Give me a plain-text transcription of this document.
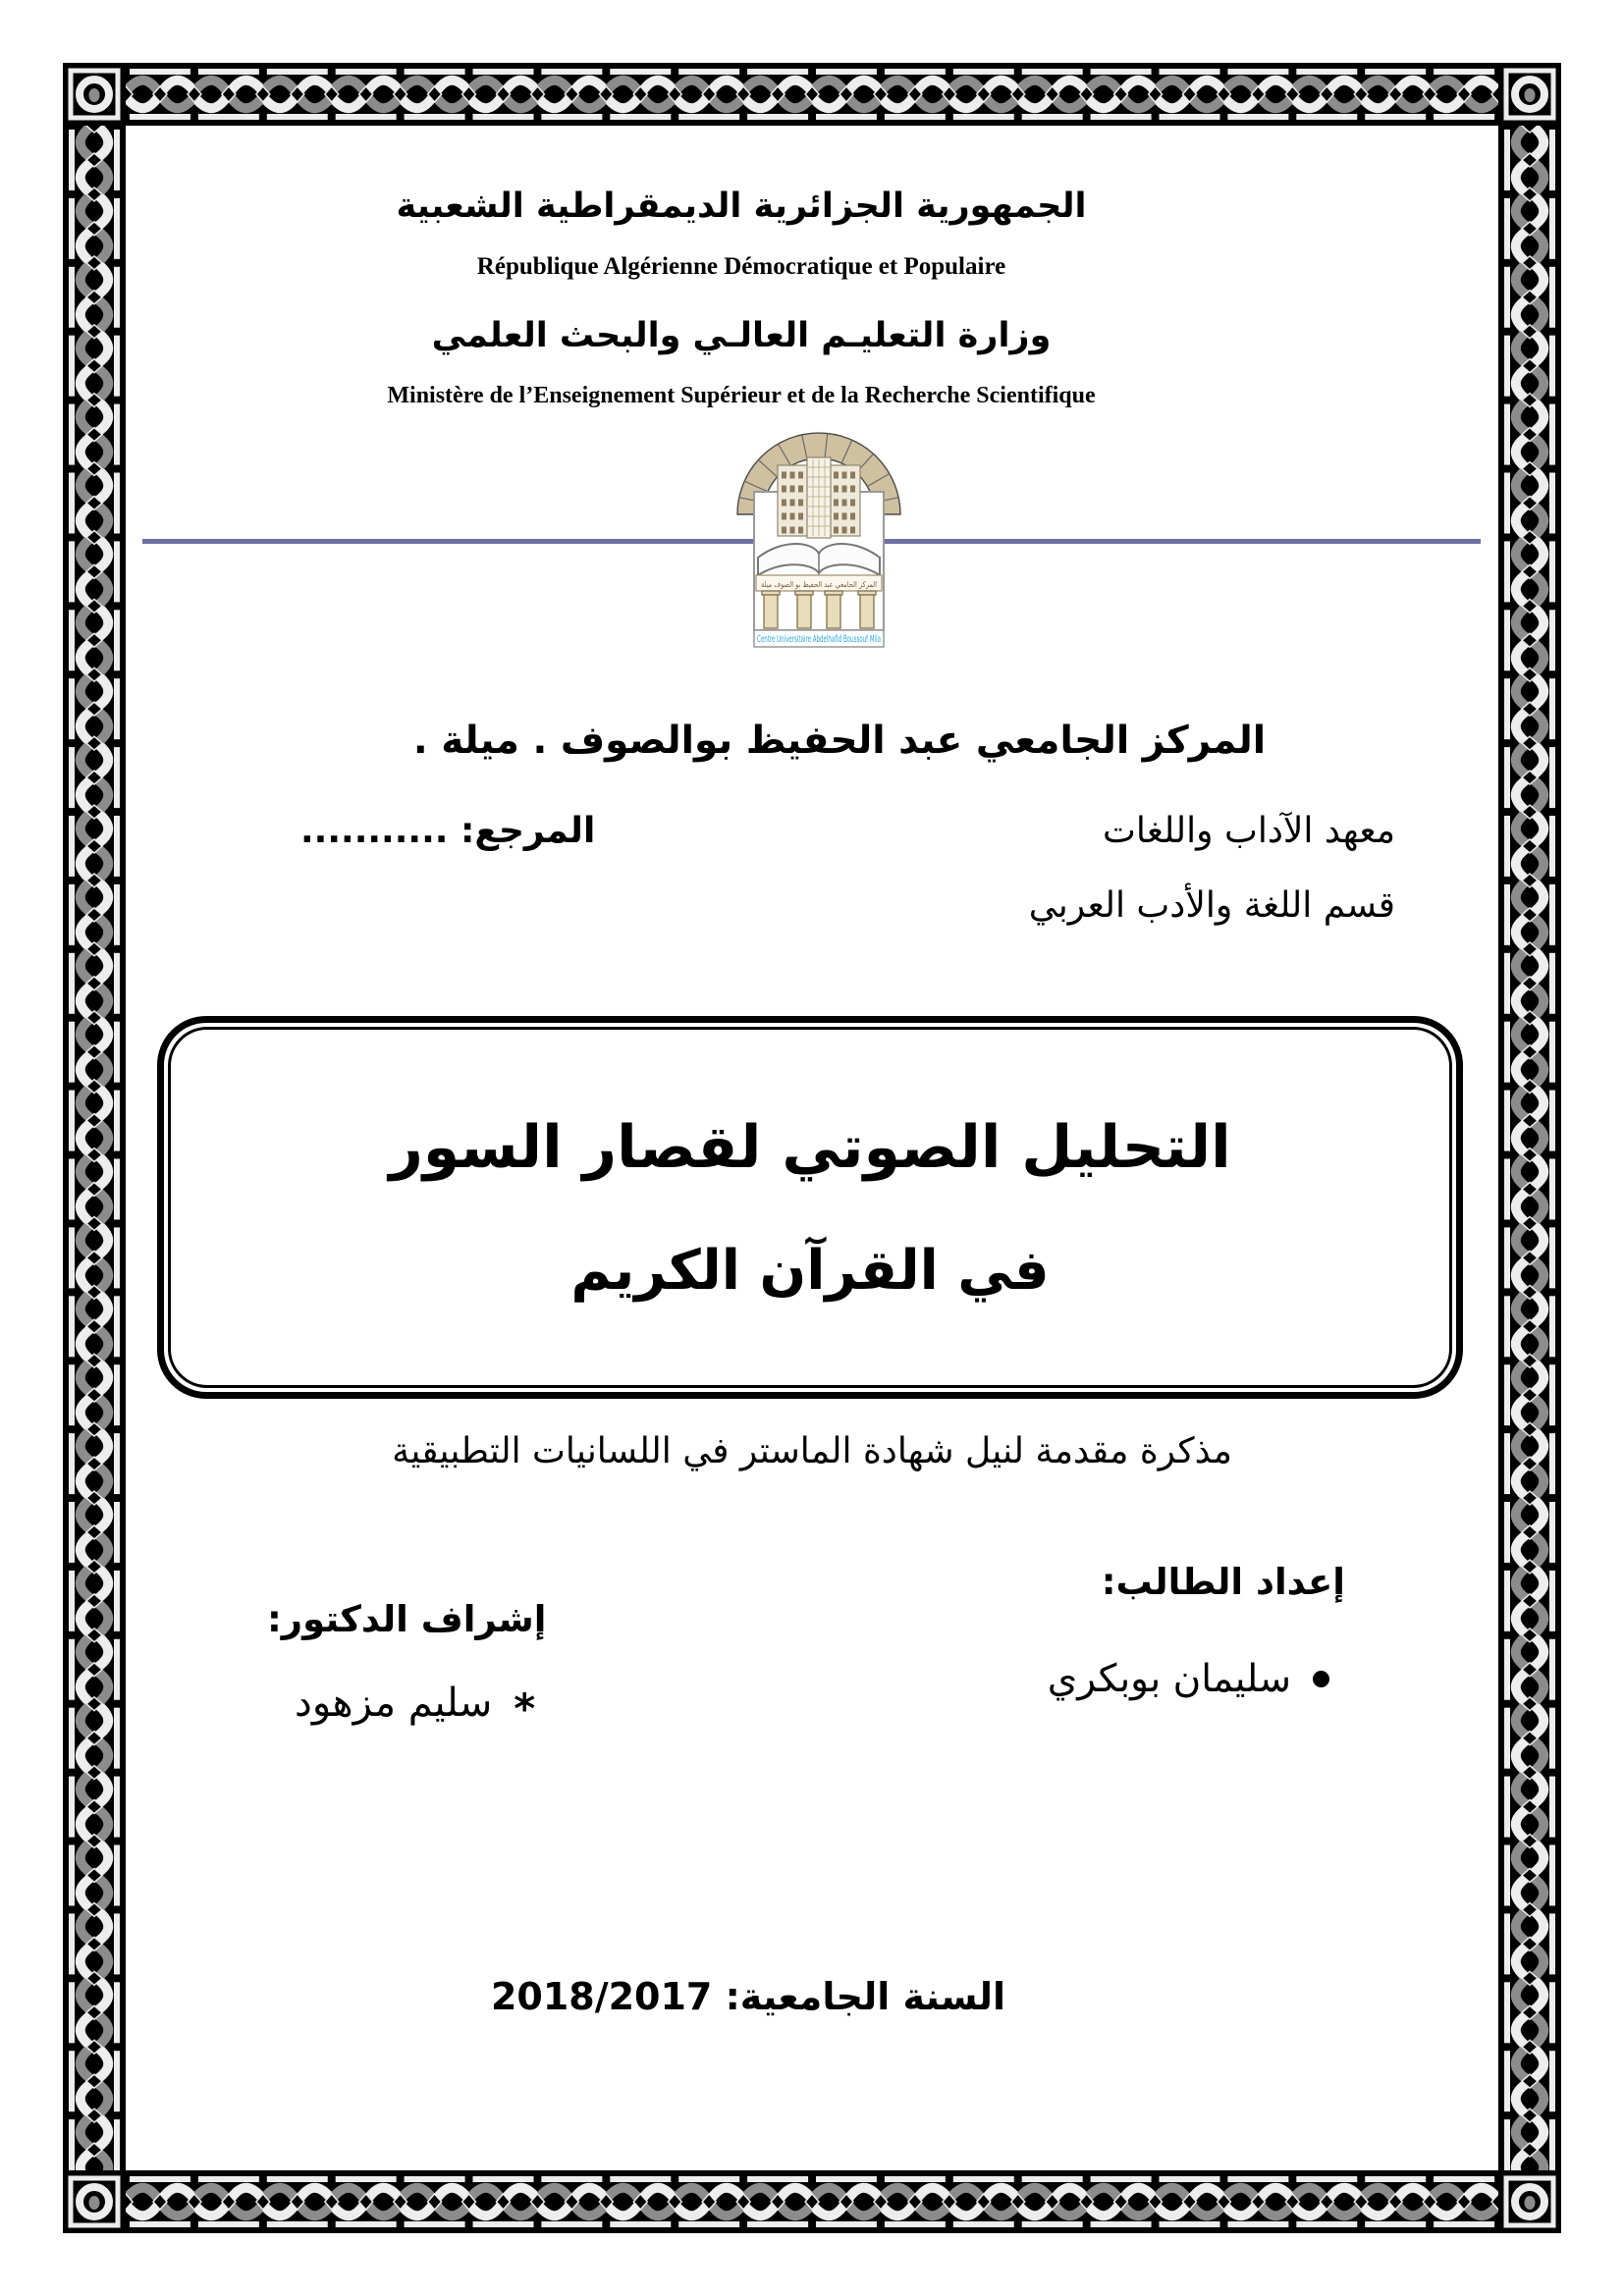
الجمهورية الجزائرية الديمقراطية الشعبية
République Algérienne Démocratique et Populaire
وزارة التعليـم العالـي والبحث العلمي
Ministère de l’Enseignement Supérieur et de la Recherche Scientifique
المركز الجامعي عبد الحفيظ بو الصوف ميلة
Centre Universitaire Abdelhafid Boussouf Mila
المركز الجامعي عبد الحفيظ بوالصوف . ميلة .
معهد الآداب واللغات
المرجع: ...........
قسم اللغة والأدب العربي
التحليل الصوتي لقصار السور
في القرآن الكريم
مذكرة مقدمة لنيل شهادة الماستر في اللسانيات التطبيقية
إعداد الطالب:
سليمان بوبكري
إشراف الدكتور:
*
سليم مزهود
السنة الجامعية: 2018/2017
